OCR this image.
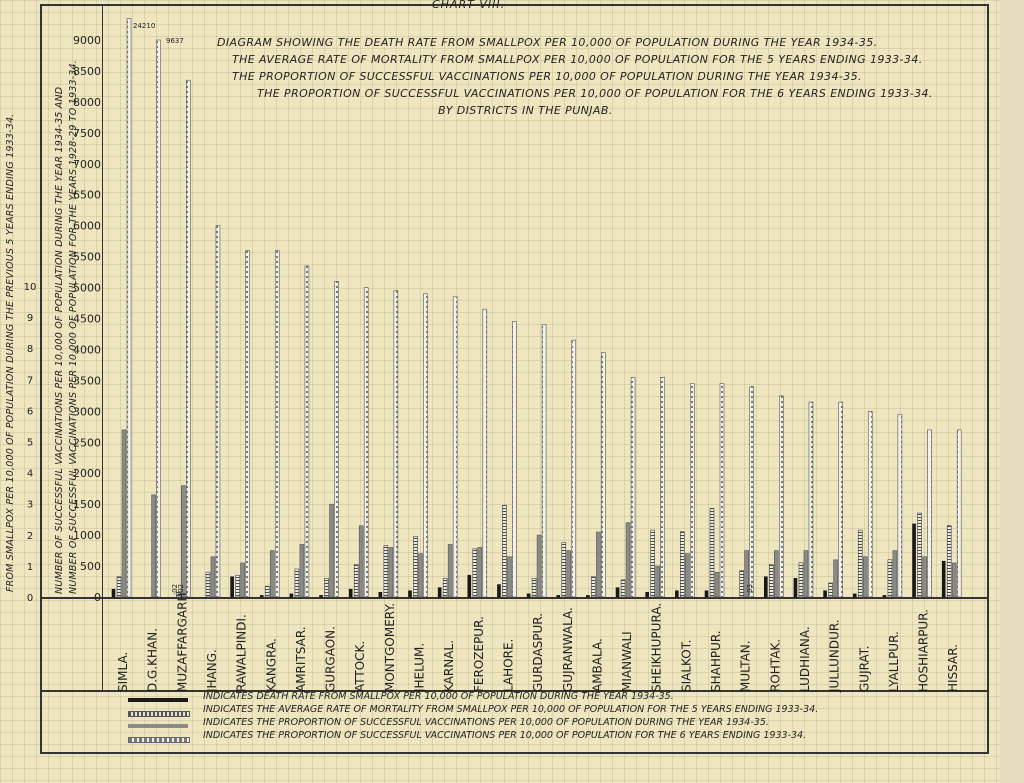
CHART VIII.
DIAGRAM SHOWING THE DEATH RATE FROM SMALLPOX PER 10,000 OF POPULATION DURING THE YEAR 1934-35.
THE AVERAGE RATE OF MORTALITY FROM SMALLPOX PER 10,000 OF POPULATION FOR THE 5 YEARS ENDING 1933-34.
THE PROPORTION OF SUCCESSFUL VACCINATIONS PER 10,000 OF POPULATION DURING THE YEAR 1934-35.
THE PROPORTION OF SUCCESSFUL VACCINATIONS PER 10,000 OF POPULATION FOR THE 6 YEARS ENDING 1933-34.
BY DISTRICTS IN THE PUNJAB.
FROM SMALLPOX PER 10,000 OF POPULATION DURING THE PREVIOUS 5 YEARS ENDING 1933-34.	NUMBER OF SUCCESSFUL VACCINATIONS PER 10,000 OF POPULATION DURING THE YEAR 1934-35 AND NUMBER OF SUCCESSFUL VACCINATIONS PER 10,000 OF POPULATION FOR THE YEARS 1928-29 TO 1933-34.
0
500
1000
1500
2000
2500
3000
3500
4000
4500
5000
5500
6000
6500
7000
7500
8000
8500
9000
0
1
2
3
4
5
6
7
8
9
10
SIMLA. D.G.KHAN. MUZAFFARGARH JHANG. RAWALPINDI. KANGRA. AMRITSAR. GURGAON. ATTOCK. MONTGOMERY. JHELUM. KARNAL. FEROZEPUR. LAHORE. GURDASPUR. GUJRANWALA. AMBALA. MIANWALI SHEIKHUPURA. SIALKOT. SHAHPUR. MULTAN. ROHTAK. LUDHIANA. JULLUNDUR. GUJRAT. LYALLPUR. HOSHIARPUR. HISSAR.
24210
9637
·02
·02	·03
INDICATES DEATH RATE FROM SMALLPOX PER 10,000 OF POPULATION DURING THE YEAR 1934-35.
INDICATES THE AVERAGE RATE OF MORTALITY FROM SMALLPOX PER 10,000 OF POPULATION FOR THE 5 YEARS ENDING 1933-34.
INDICATES THE PROPORTION OF SUCCESSFUL VACCINATIONS PER 10,000 OF POPULATION DURING THE YEAR 1934-35.
INDICATES THE PROPORTION OF SUCCESSFUL VACCINATIONS PER 10,000 OF POPULATION FOR THE 6 YEARS ENDING 1933-34.
